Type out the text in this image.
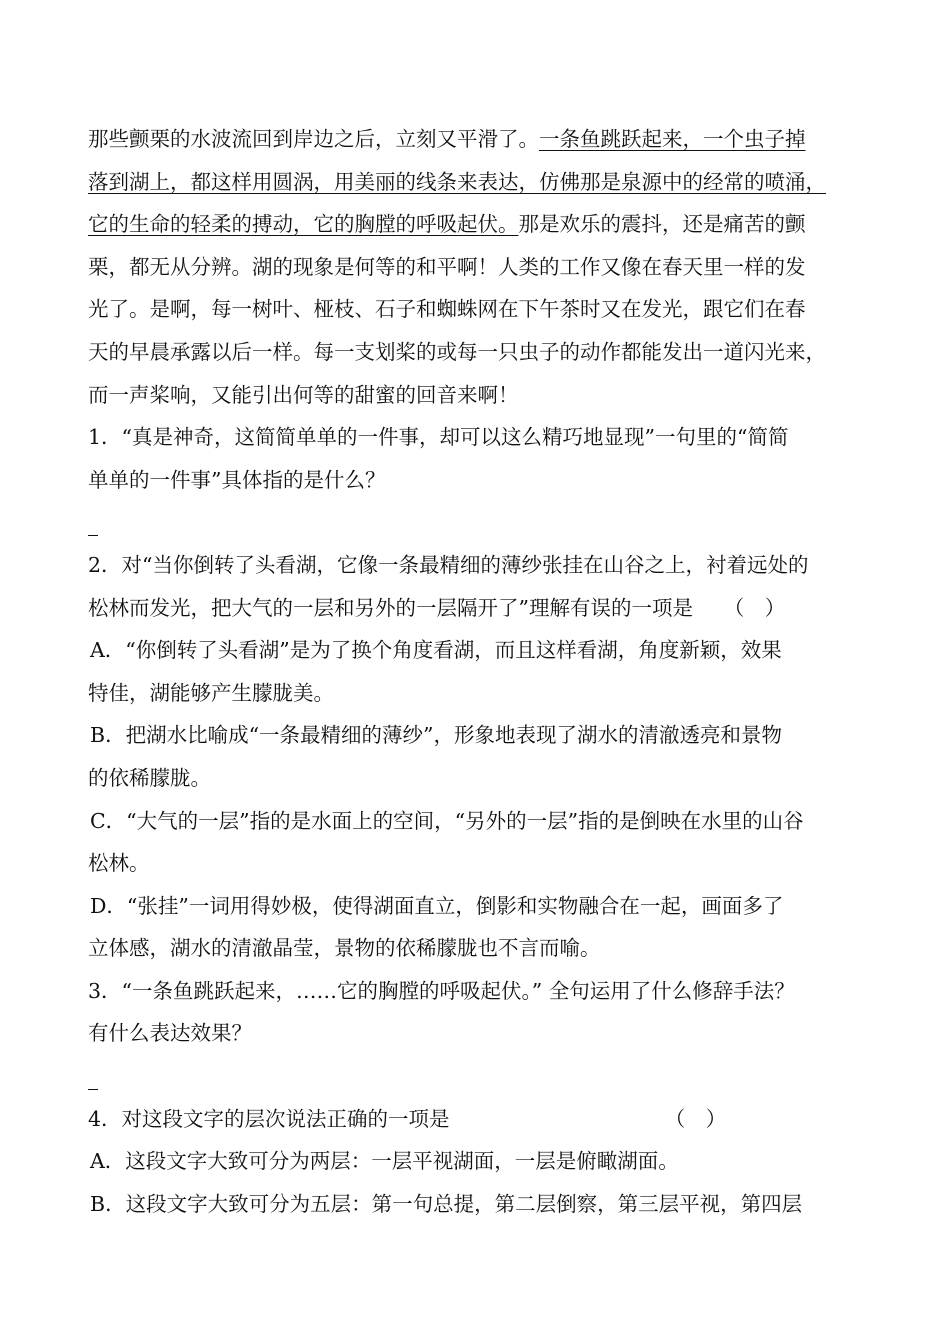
那些颤栗的水波流回到岸边之后，立刻又平滑了。一条鱼跳跃起来，一个虫子掉
落到湖上，都这样用圆涡，用美丽的线条来表达，仿佛那是泉源中的经常的喷涌，
它的生命的轻柔的搏动，它的胸膛的呼吸起伏。那是欢乐的震抖，还是痛苦的颤
栗，都无从分辨。湖的现象是何等的和平啊！人类的工作又像在春天里一样的发
光了。是啊，每一树叶、桠枝、石子和蜘蛛网在下午茶时又在发光，跟它们在春
天的早晨承露以后一样。每一支划桨的或每一只虫子的动作都能发出一道闪光来，
而一声桨响，又能引出何等的甜蜜的回音来啊！
1．“真是神奇，这简简单单的一件事，却可以这么精巧地显现”一句里的“简简
单单的一件事”具体指的是什么？
2．对“当你倒转了头看湖，它像一条最精细的薄纱张挂在山谷之上，衬着远处的
松林而发光，把大气的一层和另外的一层隔开了”理解有误的一项是　　（　）
A．“你倒转了头看湖”是为了换个角度看湖，而且这样看湖，角度新颖，效果
特佳，湖能够产生朦胧美。
B．把湖水比喻成“一条最精细的薄纱”，形象地表现了湖水的清澈透亮和景物
的依稀朦胧。
C．“大气的一层”指的是水面上的空间，“另外的一层”指的是倒映在水里的山谷
松林。
D．“张挂”一词用得妙极，使得湖面直立，倒影和实物融合在一起，画面多了
立体感，湖水的清澈晶莹，景物的依稀朦胧也不言而喻。
3．“一条鱼跳跃起来，……它的胸膛的呼吸起伏。” 全句运用了什么修辞手法？
有什么表达效果？
4．对这段文字的层次说法正确的一项是　　　　　　　　　　　（　）
A．这段文字大致可分为两层：一层平视湖面，一层是俯瞰湖面。
B．这段文字大致可分为五层：第一句总提，第二层倒察，第三层平视，第四层
